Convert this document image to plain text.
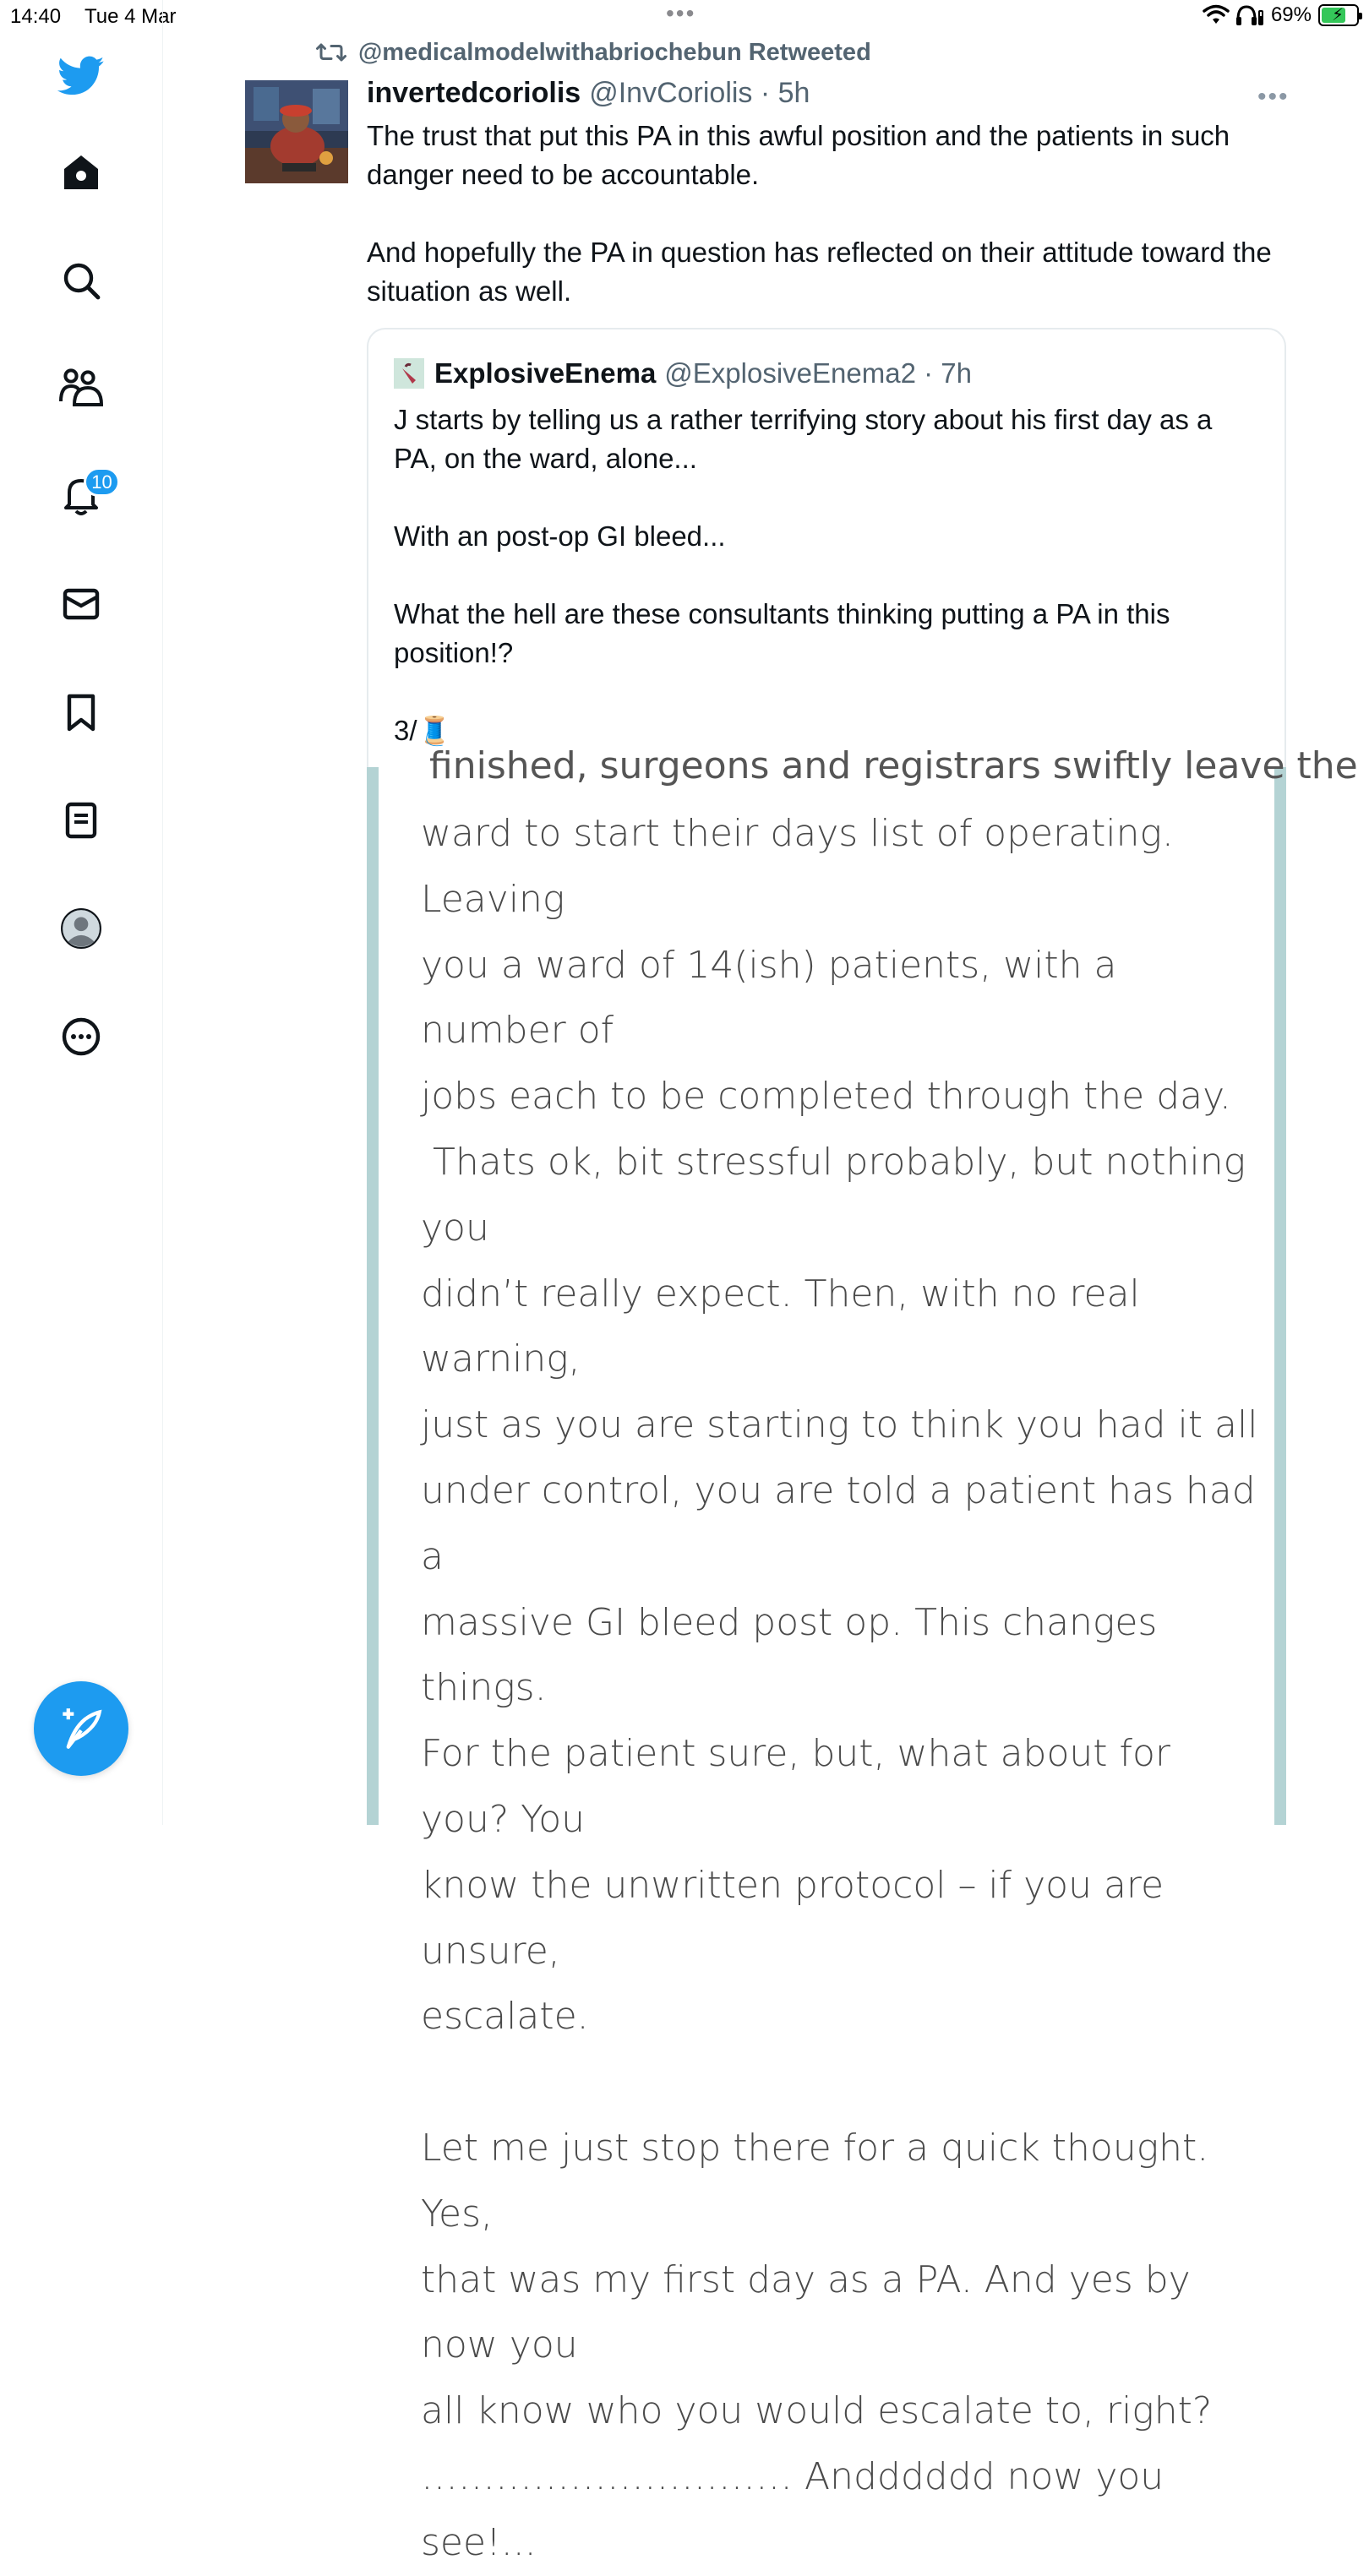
14:40 Tue 4 Mar	•••	69% ⚡
10
@medicalmodelwithabriochebun Retweeted
invertedcoriolis @InvCoriolis · 5h	•••
The trust that put this PA in this awful position and the patients in such danger need to be accountable.

And hopefully the PA in question has reflected on their attitude toward the situation as well.
ExplosiveEnema @ExplosiveEnema2 · 7h
J starts by telling us a rather terrifying story about his first day as a PA, on the ward, alone...

With an post-op GI bleed...

What the hell are these consultants thinking putting a PA in this position!?

3/🧵
finished, surgeons and registrars swiftly leave the
ward to start their days list of operating. Leaving
you a ward of 14(ish) patients, with a number of
jobs each to be completed through the day.
Thats ok, bit stressful probably, but nothing you
didn’t really expect. Then, with no real warning,
just as you are starting to think you had it all
under control, you are told a patient has had a
massive GI bleed post op. This changes things.
For the patient sure, but, what about for you? You
know the unwritten protocol – if you are unsure,
escalate.

Let me just stop there for a quick thought. Yes,
that was my first day as a PA. And yes by now you
all know who you would escalate to, right?
………………………… Andddddd now you see!...
